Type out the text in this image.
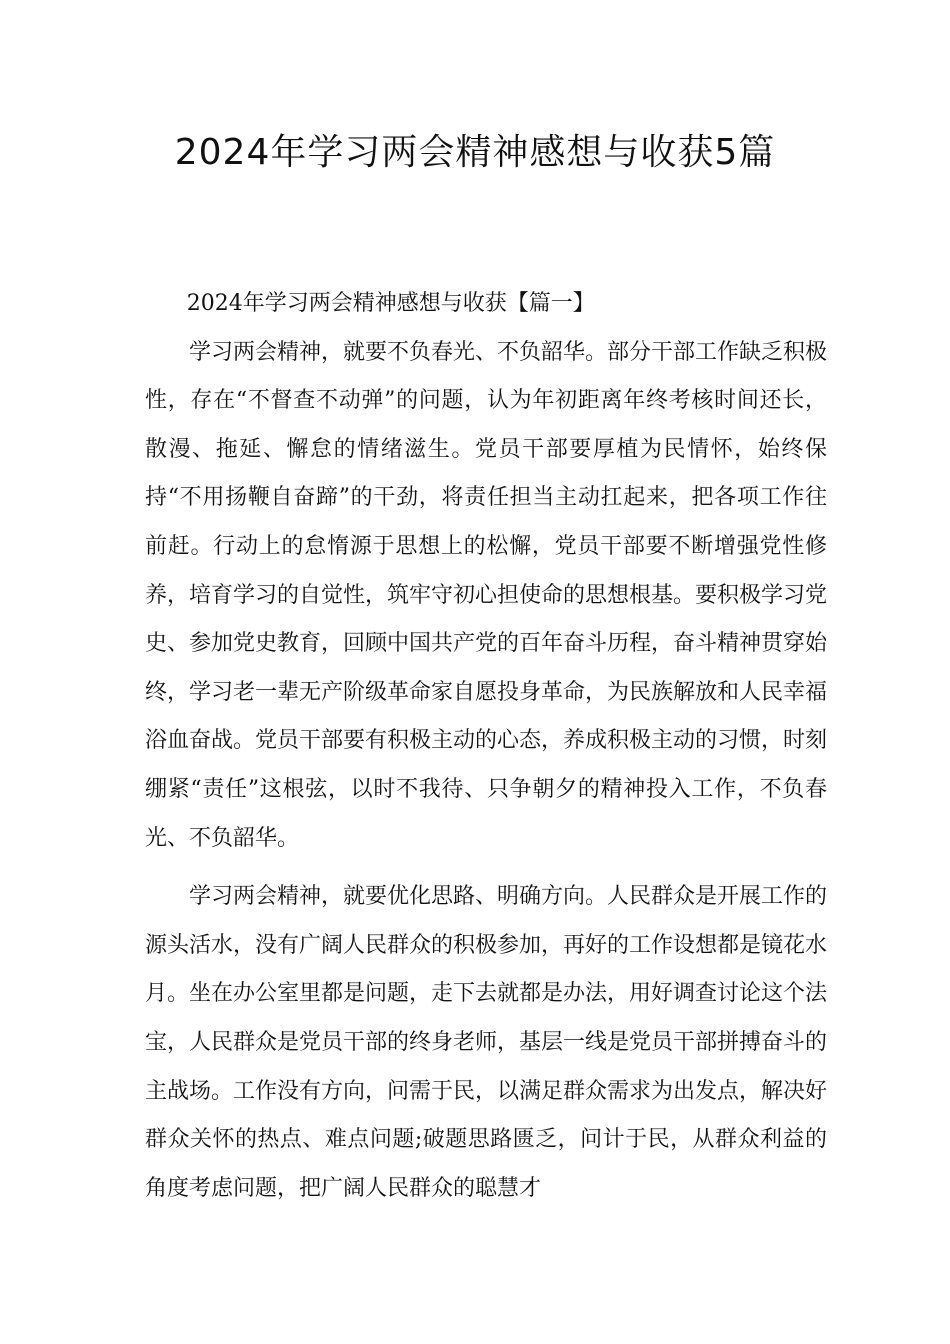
2024年学习两会精神感想与收获5篇

2024年学习两会精神感想与收获【篇一】

学习两会精神，就要不负春光、不负韶华。部分干部工作缺乏积极性，存在“不督查不动弹”的问题，认为年初距离年终考核时间还长，散漫、拖延、懈怠的情绪滋生。党员干部要厚植为民情怀，始终保持“不用扬鞭自奋蹄”的干劲，将责任担当主动扛起来，把各项工作往前赶。行动上的怠惰源于思想上的松懈，党员干部要不断增强党性修养，培育学习的自觉性，筑牢守初心担使命的思想根基。要积极学习党史、参加党史教育，回顾中国共产党的百年奋斗历程，奋斗精神贯穿始终，学习老一辈无产阶级革命家自愿投身革命，为民族解放和人民幸福浴血奋战。党员干部要有积极主动的心态，养成积极主动的习惯，时刻绷紧“责任”这根弦，以时不我待、只争朝夕的精神投入工作，不负春光、不负韶华。

学习两会精神，就要优化思路、明确方向。人民群众是开展工作的源头活水，没有广阔人民群众的积极参加，再好的工作设想都是镜花水月。坐在办公室里都是问题，走下去就都是办法，用好调查讨论这个法宝，人民群众是党员干部的终身老师，基层一线是党员干部拼搏奋斗的主战场。工作没有方向，问需于民，以满足群众需求为出发点，解决好群众关怀的热点、难点问题;破题思路匮乏，问计于民，从群众利益的角度考虑问题，把广阔人民群众的聪慧才
